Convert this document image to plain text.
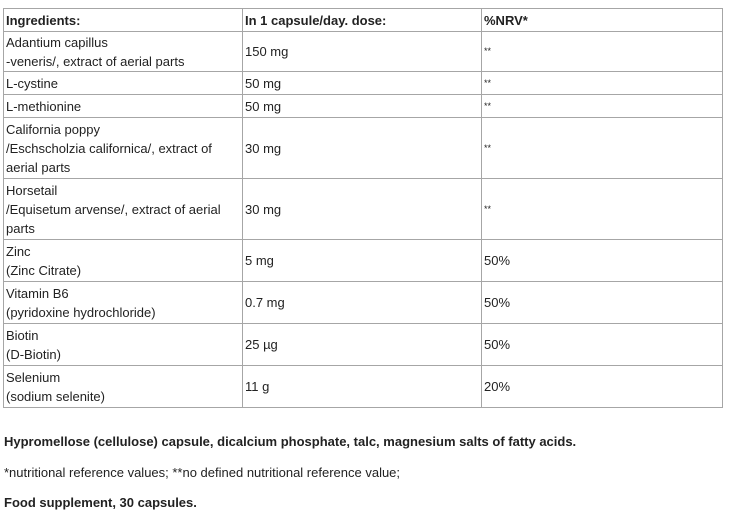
Ingredients:	In 1 capsule/day. dose:	%NRV*
Adantium capillus
-veneris/, extract of aerial parts	150 mg	**
L-cystine	50 mg	**
L-methionine	50 mg	**
California poppy
/Eschscholzia californica/, extract of
aerial parts	30 mg	**
Horsetail
/Equisetum arvense/, extract of aerial
parts	30 mg	**
Zinc
(Zinc Citrate)	5 mg	50%
Vitamin B6
(pyridoxine hydrochloride)	0.7 mg	50%
Biotin
(D-Biotin)	25 µg	50%
Selenium
(sodium selenite)	11 g	20%

Hypromellose (cellulose) capsule, dicalcium phosphate, talc, magnesium salts of fatty acids.

*nutritional reference values; **no defined nutritional reference value;

Food supplement, 30 capsules.
